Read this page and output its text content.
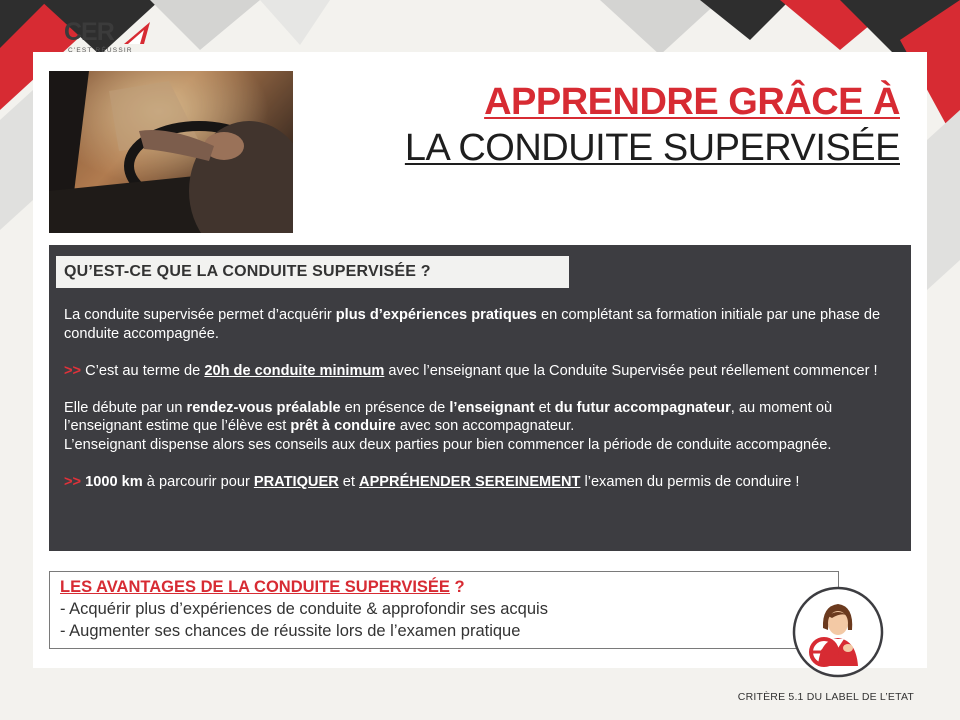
CER
C'EST RÉUSSIR
APPRENDRE GRÂCE À
LA CONDUITE SUPERVISÉE
QU’EST-CE QUE LA CONDUITE SUPERVISÉE ?

La conduite supervisée permet d’acquérir plus d’expériences pratiques en complétant sa formation initiale par une phase de conduite accompagnée.

>> C’est au terme de 20h de conduite minimum avec l’enseignant que la Conduite Supervisée peut réellement commencer !

Elle débute par un rendez-vous préalable en présence de l’enseignant et du futur accompagnateur, au moment où l’enseignant estime que l’élève est prêt à conduire avec son accompagnateur.
L’enseignant dispense alors ses conseils aux deux parties pour bien commencer la période de conduite accompagnée.

>> 1000 km à parcourir pour PRATIQUER et APPRÉHENDER SEREINEMENT l’examen du permis de conduire !

LES AVANTAGES DE LA CONDUITE SUPERVISÉE ?
- Acquérir plus d’expériences de conduite & approfondir ses acquis
- Augmenter ses chances de réussite lors de l’examen pratique
CRITÈRE 5.1 DU LABEL DE L’ETAT
